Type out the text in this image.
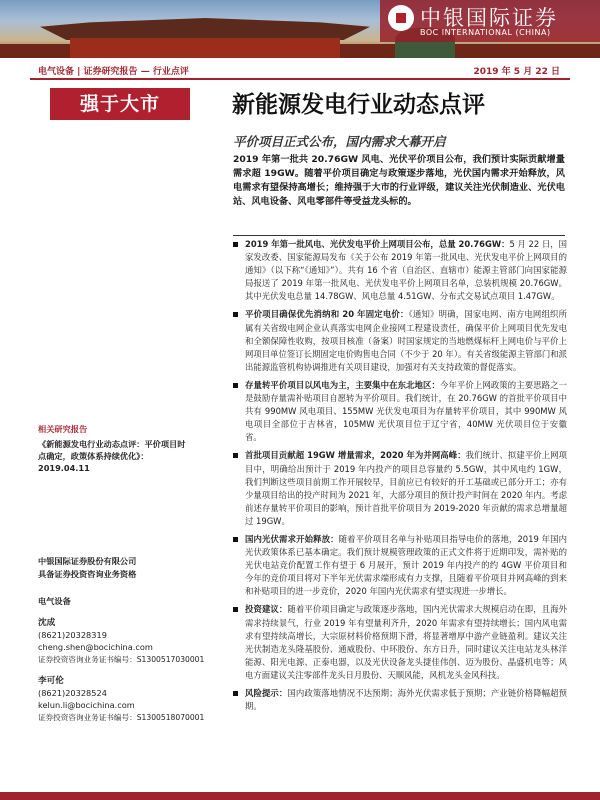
中银国际证券
BOC INTERNATIONAL (CHINA)
电气设备 | 证券研究报告 — 行业点评	2019 年 5 月 22 日
强于大市	新能源发电行业动态点评
平价项目正式公布，国内需求大幕开启
2019 年第一批共 20.76GW 风电、光伏平价项目公布，我们预计实际贡献增量需求超 19GW。随着平价项目确定与政策逐步落地，光伏国内需求开始释放，风电需求有望保持高增长；维持强于大市的行业评级，建议关注光伏制造业、光伏电站、风电设备、风电零部件等受益龙头标的。
2019 年第一批风电、光伏发电平价上网项目公布，总量 20.76GW：5 月 22 日，国家发改委、国家能源局发布《关于公布 2019 年第一批风电、光伏发电平价上网项目的通知》（以下称“《通知》”）。共有 16 个省（自治区、直辖市）能源主管部门向国家能源局报送了 2019 年第一批风电、光伏发电平价上网项目名单，总装机规模 20.76GW。其中光伏发电总量 14.78GW、风电总量 4.51GW、分布式交易试点项目 1.47GW。
平价项目确保优先消纳和 20 年固定电价：《通知》明确，国家电网、南方电网组织所属有关省级电网企业认真落实电网企业接网工程建设责任，确保平价上网项目优先发电和全额保障性收购，按项目核准（备案）时国家规定的当地燃煤标杆上网电价与平价上网项目单位签订长期固定电价购售电合同（不少于 20 年）。有关省级能源主管部门和派出能源监管机构协调推进有关项目建设，加强对有关支持政策的督促落实。
存量转平价项目以风电为主，主要集中在东北地区：今年平价上网政策的主要思路之一是鼓励存量需补贴项目自愿转为平价项目。我们统计，在 20.76GW 的首批平价项目中共有 990MW 风电项目、155MW 光伏发电项目为存量转平价项目，其中 990MW 风电项目全部位于吉林省，105MW 光伏项目位于辽宁省，40MW 光伏项目位于安徽省。
首批项目贡献超 19GW 增量需求，2020 年为并网高峰：我们统计、拟建平价上网项目中，明确给出预计于 2019 年内投产的项目总容量约 5.5GW，其中风电约 1GW，我们判断这些项目前期工作开展较早，目前应已有较好的开工基础或已部分开工；亦有少量项目给出的投产时间为 2021 年，大部分项目的预计投产时间在 2020 年内。考虑前述存量转平价项目的影响，预计首批平价项目为 2019-2020 年贡献的需求总增量超过 19GW。
国内光伏需求开始释放：随着平价项目名单与补贴项目指导电价的落地，2019 年国内光伏政策体系已基本确定。我们预计规模管理政策的正式文件将于近期印发，需补贴的光伏电站竞价配置工作有望于 6 月展开，预计 2019 年内投产的约 4GW 平价项目和今年的竞价项目将对下半年光伏需求端形成有力支撑，且随着平价项目并网高峰的到来和补贴项目的进一步竞价，2020 年国内光伏需求有望实现进一步增长。
投资建议：随着平价项目确定与政策逐步落地，国内光伏需求大规模启动在即，且海外需求持续景气，行业 2019 年有望量利齐升，2020 年需求有望持续增长；国内风电需求有望持续高增长，大宗原材料价格预期下滑，将显著增厚中游产业链盈利。建议关注光伏制造龙头隆基股份、通威股份、中环股份、东方日升，同时建议关注电站龙头林洋能源、阳光电源、正泰电器，以及光伏设备龙头捷佳伟创、迈为股份、晶盛机电等；风电方面建议关注零部件龙头日月股份、天顺风能，风机龙头金风科技。
风险提示：国内政策落地情况不达预期；海外光伏需求低于预期；产业链价格降幅超预期。
相关研究报告
《新能源发电行业动态点评：平价项目时点确定，政策体系持续优化》：2019.04.11
中银国际证券股份有限公司
具备证券投资咨询业务资格
电气设备
沈成
(8621)20328319
cheng.shen@bocichina.com
证券投资咨询业务证书编号：S1300517030001
李可伦
(8621)20328524
kelun.li@bocichina.com
证券投资咨询业务证书编号：S1300518070001
